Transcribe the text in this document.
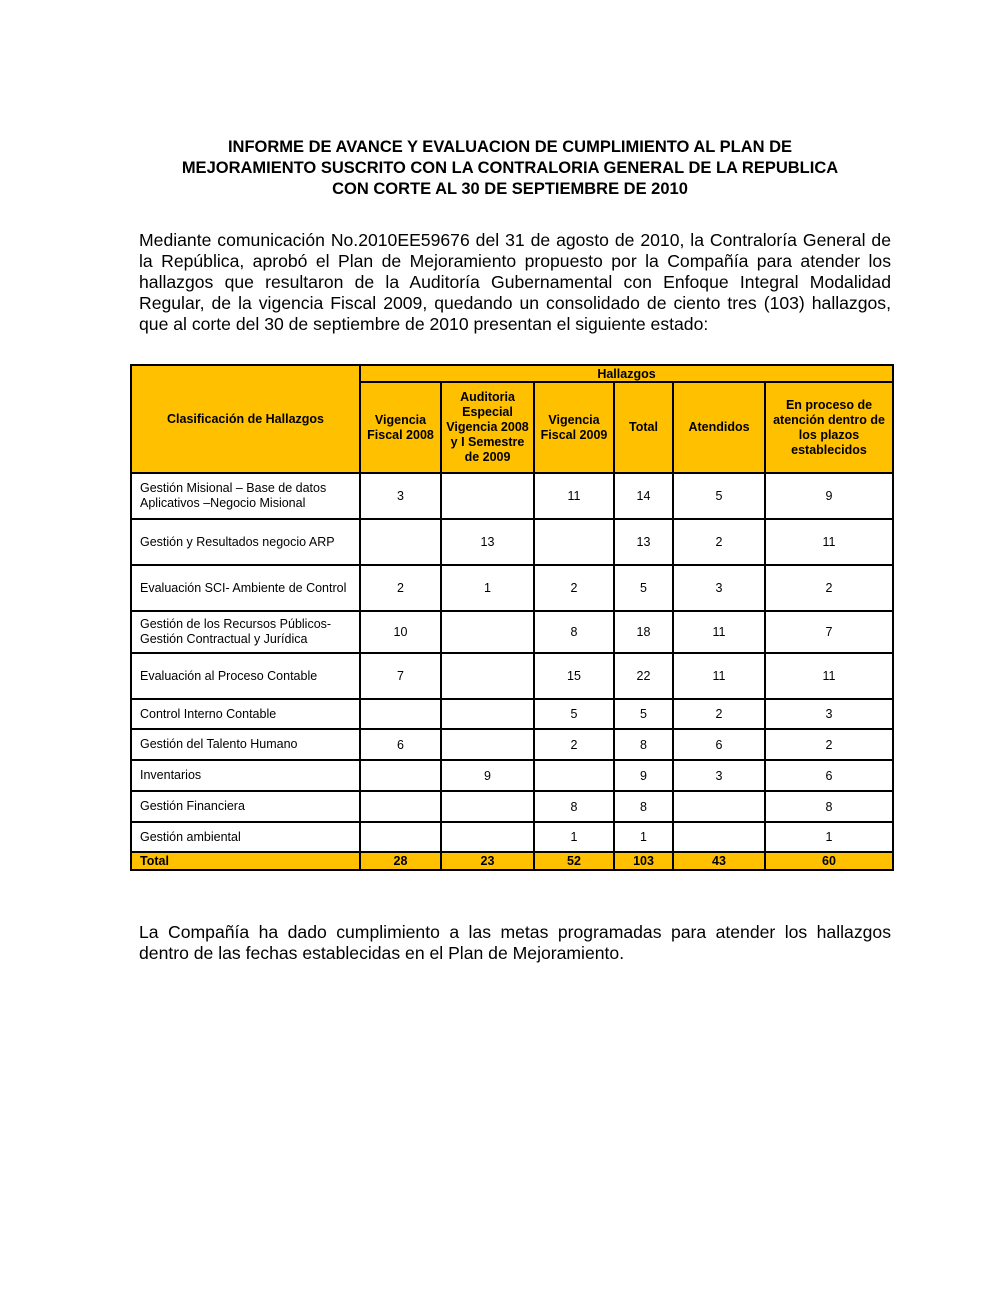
INFORME DE AVANCE Y EVALUACION DE CUMPLIMIENTO AL PLAN DE
MEJORAMIENTO SUSCRITO CON LA CONTRALORIA GENERAL DE LA REPUBLICA
CON CORTE AL 30 DE SEPTIEMBRE DE 2010

Mediante comunicación No.2010EE59676 del 31 de agosto de 2010, la Contraloría General de la República, aprobó el Plan de Mejoramiento propuesto por la Compañía para atender los hallazgos que resultaron de la Auditoría Gubernamental con Enfoque Integral Modalidad Regular, de la vigencia Fiscal 2009, quedando un consolidado de ciento tres (103) hallazgos, que al corte del 30 de septiembre de 2010 presentan el siguiente estado:

Clasificación de Hallazgos	Hallazgos					
	Vigencia Fiscal 2008	Auditoria Especial Vigencia 2008 y I Semestre de 2009	Vigencia Fiscal 2009	Total	Atendidos	En proceso de atención dentro de los plazos establecidos
Gestión Misional – Base de datos Aplicativos –Negocio Misional	3		11	14	5	9
Gestión y Resultados negocio ARP		13		13	2	11
Evaluación SCI- Ambiente de Control	2	1	2	5	3	2
Gestión de los Recursos Públicos- Gestión Contractual y Jurídica	10		8	18	11	7
Evaluación al Proceso Contable	7		15	22	11	11
Control Interno Contable			5	5	2	3
Gestión del Talento Humano	6		2	8	6	2
Inventarios		9		9	3	6
Gestión Financiera			8	8		8
Gestión ambiental			1	1		1
Total	28	23	52	103	43	60

La Compañía ha dado cumplimiento a las metas programadas para atender los hallazgos dentro de las fechas establecidas en el Plan de Mejoramiento.
